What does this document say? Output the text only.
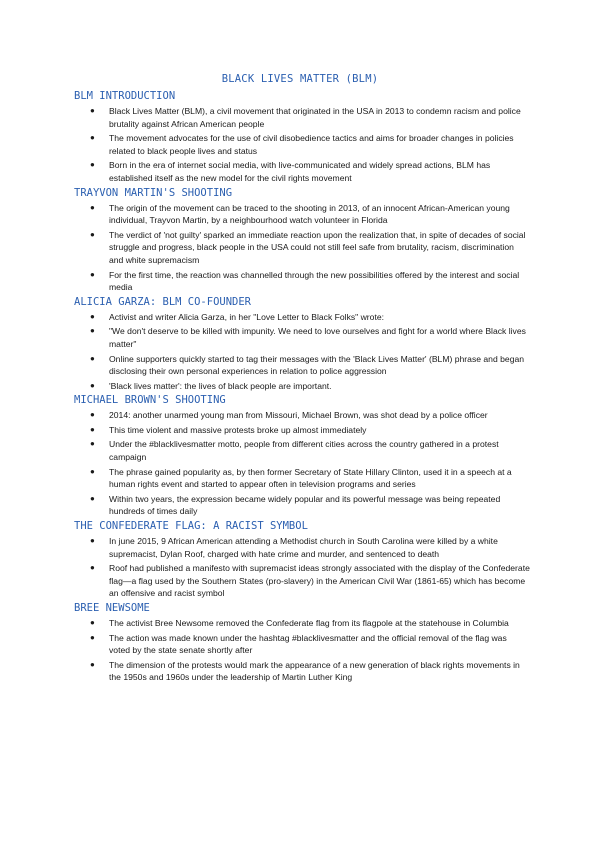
BLACK LIVES MATTER (BLM)
BLM INTRODUCTION
● Black Lives Matter (BLM), a civil movement that originated in the USA in 2013 to condemn racism and police brutality against African American people
● The movement advocates for the use of civil disobedience tactics and aims for broader changes in policies related to black people lives and status
● Born in the era of internet social media, with live-communicated and widely spread actions, BLM has established itself as the new model for the civil rights movement
TRAYVON MARTIN'S SHOOTING
● The origin of the movement can be traced to the shooting in 2013, of an innocent African-American young individual, Trayvon Martin, by a neighbourhood watch volunteer in Florida
● The verdict of 'not guilty' sparked an immediate reaction upon the realization that, in spite of decades of social struggle and progress, black people in the USA could not still feel safe from brutality, racism, discrimination and white supremacism
● For the first time, the reaction was channelled through the new possibilities offered by the interest and social media
ALICIA GARZA: BLM CO-FOUNDER
● Activist and writer Alicia Garza, in her "Love Letter to Black Folks" wrote:
● "We don't deserve to be killed with impunity. We need to love ourselves and fight for a world where Black lives matter"
● Online supporters quickly started to tag their messages with the 'Black Lives Matter' (BLM) phrase and began disclosing their own personal experiences in relation to police aggression
● 'Black lives matter': the lives of black people are important.
MICHAEL BROWN'S SHOOTING
● 2014: another unarmed young man from Missouri, Michael Brown, was shot dead by a police officer
● This time violent and massive protests broke up almost immediately
● Under the #blacklivesmatter motto, people from different cities across the country gathered in a protest campaign
● The phrase gained popularity as, by then former Secretary of State Hillary Clinton, used it in a speech at a human rights event and started to appear often in television programs and series
● Within two years, the expression became widely popular and its powerful message was being repeated hundreds of times daily
THE CONFEDERATE FLAG: A RACIST SYMBOL
● In june 2015, 9 African American attending a Methodist church in South Carolina were killed by a white supremacist, Dylan Roof, charged with hate crime and murder, and sentenced to death
● Roof had published a manifesto with supremacist ideas strongly associated with the display of the Confederate flag—a flag used by the Southern States (pro-slavery) in the American Civil War (1861-65) which has become an offensive and racist symbol
BREE NEWSOME
● The activist Bree Newsome removed the Confederate flag from its flagpole at the statehouse in Columbia
● The action was made known under the hashtag #blacklivesmatter and the official removal of the flag was voted by the state senate shortly after
● The dimension of the protests would mark the appearance of a new generation of black rights movements in the 1950s and 1960s under the leadership of Martin Luther King
